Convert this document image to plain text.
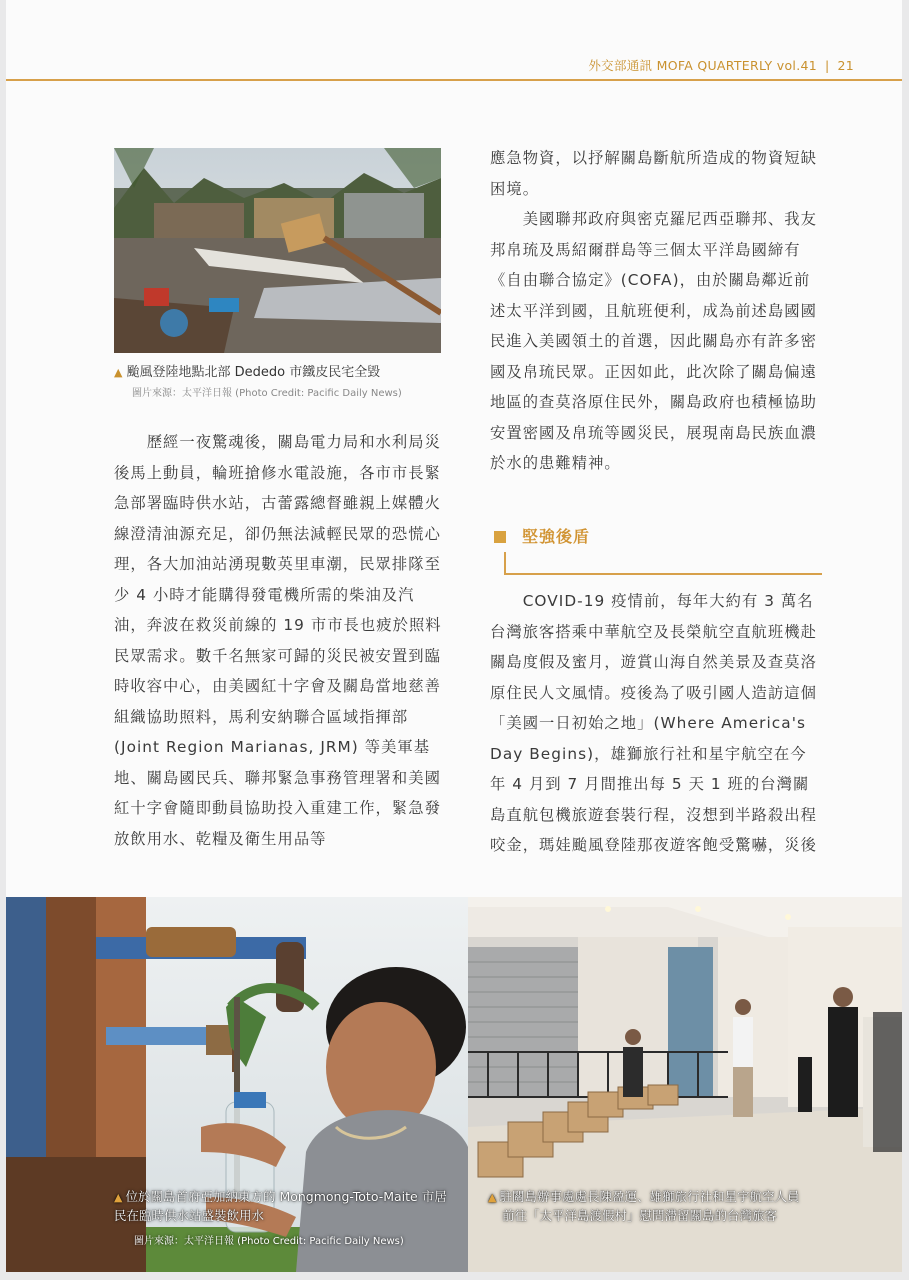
外交部通訊 MOFA QUARTERLY vol.41 | 21
▲ 颱風登陸地點北部 Dededo 市鐵皮民宅全毀
圖片來源：太平洋日報 (Photo Credit: Pacific Daily News)

　　歷經一夜驚魂後，關島電力局和水利局災後馬上動員，輪班搶修水電設施，各市市長緊急部署臨時供水站，古蕾露總督雖親上媒體火線澄清油源充足，卻仍無法減輕民眾的恐慌心理，各大加油站湧現數英里車潮，民眾排隊至少 4 小時才能購得發電機所需的柴油及汽油，奔波在救災前線的 19 市市長也疲於照料民眾需求。數千名無家可歸的災民被安置到臨時收容中心，由美國紅十字會及關島當地慈善組織協助照料，馬利安納聯合區域指揮部 (Joint Region Marianas, JRM) 等美軍基地、關島國民兵、聯邦緊急事務管理署和美國紅十字會隨即動員協助投入重建工作，緊急發放飲用水、乾糧及衛生用品等

應急物資，以抒解關島斷航所造成的物資短缺困境。

　　美國聯邦政府與密克羅尼西亞聯邦、我友邦帛琉及馬紹爾群島等三個太平洋島國締有《自由聯合協定》(COFA)，由於關島鄰近前述太平洋到國，且航班便利，成為前述島國國民進入美國領土的首選，因此關島亦有許多密國及帛琉民眾。正因如此，此次除了關島偏遠地區的查莫洛原住民外，關島政府也積極協助安置密國及帛琉等國災民，展現南島民族血濃於水的患難精神。

堅強後盾

　　COVID-19 疫情前，每年大約有 3 萬名台灣旅客搭乘中華航空及長榮航空直航班機赴關島度假及蜜月，遊賞山海自然美景及查莫洛原住民人文風情。疫後為了吸引國人造訪這個「美國一日初始之地」(Where America's Day Begins)，雄獅旅行社和星宇航空在今年 4 月到 7 月間推出每 5 天 1 班的台灣關島直航包機旅遊套裝行程，沒想到半路殺出程咬金，瑪娃颱風登陸那夜遊客飽受驚嚇，災後

▲ 位於關島首府亞加納東方的 Mongmong-Toto-Maite 市居民在臨時供水站盛裝飲用水
圖片來源：太平洋日報 (Photo Credit: Pacific Daily News)
▲ 駐關島辦事處處長陳盈運、雄獅旅行社和星宇航空人員
前往「太平洋島渡假村」慰問滯留關島的台灣旅客
